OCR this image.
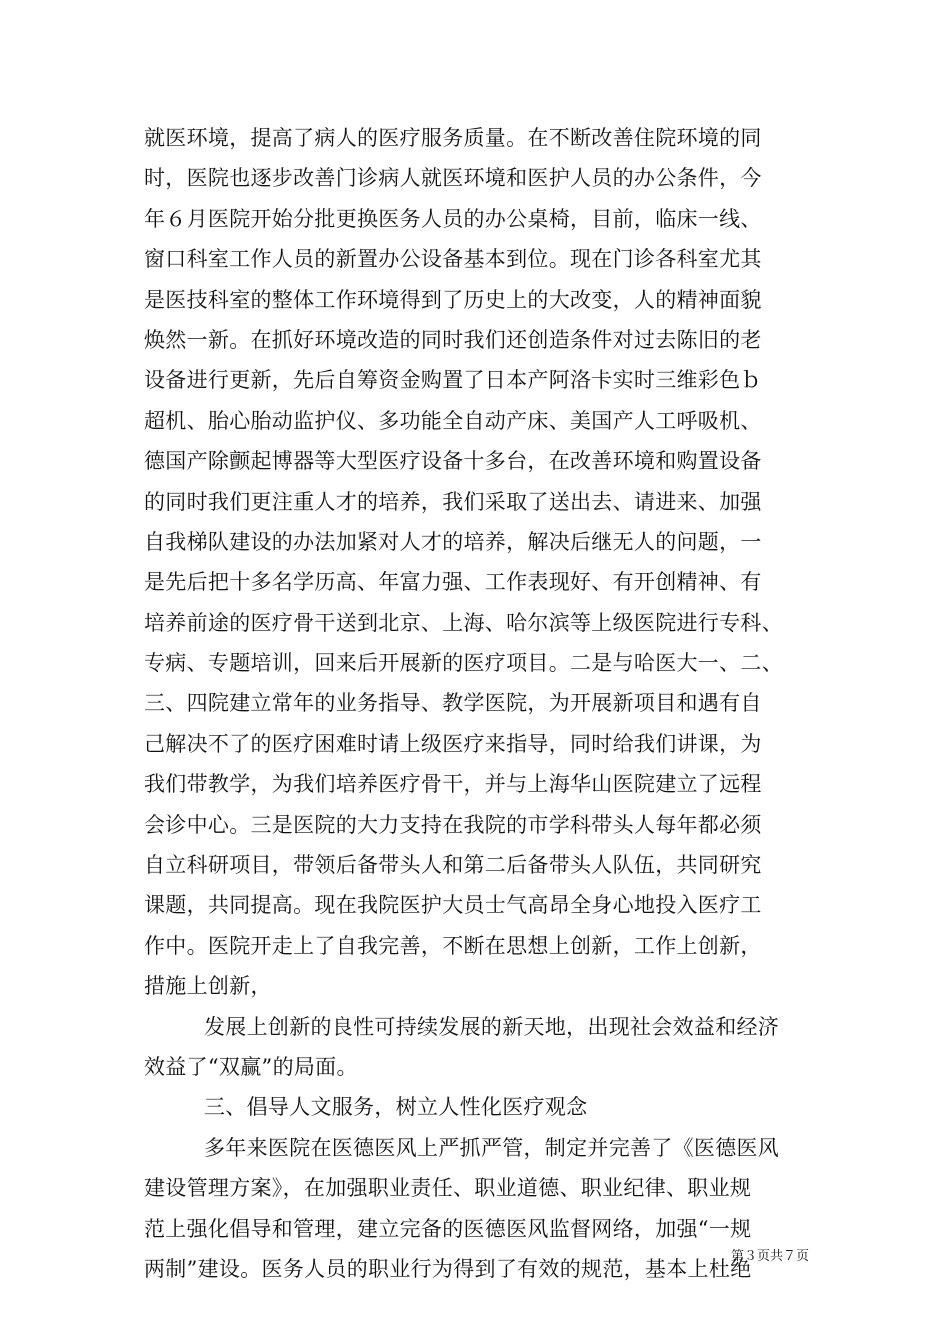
就医环境，提高了病人的医疗服务质量。在不断改善住院环境的同
时，医院也逐步改善门诊病人就医环境和医护人员的办公条件，今
年６月医院开始分批更换医务人员的办公桌椅，目前，临床一线、
窗口科室工作人员的新置办公设备基本到位。现在门诊各科室尤其
是医技科室的整体工作环境得到了历史上的大改变，人的精神面貌
焕然一新。在抓好环境改造的同时我们还创造条件对过去陈旧的老
设备进行更新，先后自筹资金购置了日本产阿洛卡实时三维彩色ｂ
超机、胎心胎动监护仪、多功能全自动产床、美国产人工呼吸机、
德国产除颤起博器等大型医疗设备十多台，在改善环境和购置设备
的同时我们更注重人才的培养，我们采取了送出去、请进来、加强
自我梯队建设的办法加紧对人才的培养，解决后继无人的问题，一
是先后把十多名学历高、年富力强、工作表现好、有开创精神、有
培养前途的医疗骨干送到北京、上海、哈尔滨等上级医院进行专科、
专病、专题培训，回来后开展新的医疗项目。二是与哈医大一、二、
三、四院建立常年的业务指导、教学医院，为开展新项目和遇有自
己解决不了的医疗困难时请上级医疗来指导，同时给我们讲课，为
我们带教学，为我们培养医疗骨干，并与上海华山医院建立了远程
会诊中心。三是医院的大力支持在我院的市学科带头人每年都必须
自立科研项目，带领后备带头人和第二后备带头人队伍，共同研究
课题，共同提高。现在我院医护大员士气高昂全身心地投入医疗工
作中。医院开走上了自我完善，不断在思想上创新，工作上创新，
措施上创新，
发展上创新的良性可持续发展的新天地，出现社会效益和经济
效益了“双赢”的局面。
三、倡导人文服务，树立人性化医疗观念
多年来医院在医德医风上严抓严管，制定并完善了《医德医风
建设管理方案》，在加强职业责任、职业道德、职业纪律、职业规
范上强化倡导和管理，建立完备的医德医风监督网络，加强“一规
两制”建设。医务人员的职业行为得到了有效的规范，基本上杜绝
第３页共７页
